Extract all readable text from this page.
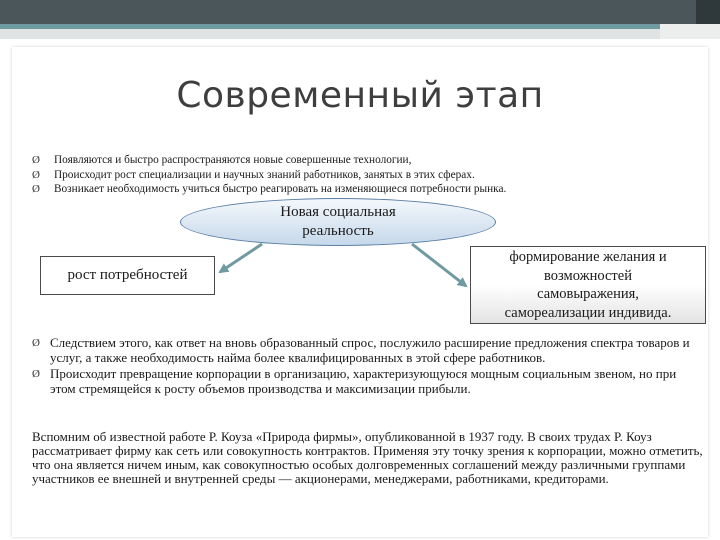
Современный этап
Ø Появляются и быстро распространяются новые совершенные технологии,
Ø Происходит рост специализации и научных знаний работников, занятых в этих сферах.
Ø Возникает необходимость учиться быстро реагировать на изменяющиеся потребности рынка.
Новая социальная
реальность
рост потребностей
формирование желания и
возможностей
самовыражения,
самореализации индивида.
Ø Следствием этого, как ответ на вновь образованный спрос, послужило расширение предложения спектра товаров и услуг, а также необходимость найма более квалифицированных в этой сфере работников.
Ø Происходит превращение корпорации в организацию, характеризующуюся мощным социальным звеном, но при этом стремящейся к росту объемов производства и максимизации прибыли.

Вспомним об известной работе Р. Коуза «Природа фирмы», опубликованной в 1937 году. В своих трудах Р. Коуз рассматривает фирму как сеть или совокупность контрактов. Применяя эту точку зрения к корпорации, можно отметить, что она является ничем иным, как совокупностью особых долговременных соглашений между различными группами участников ее внешней и внутренней среды — акционерами, менеджерами, работниками, кредиторами.
